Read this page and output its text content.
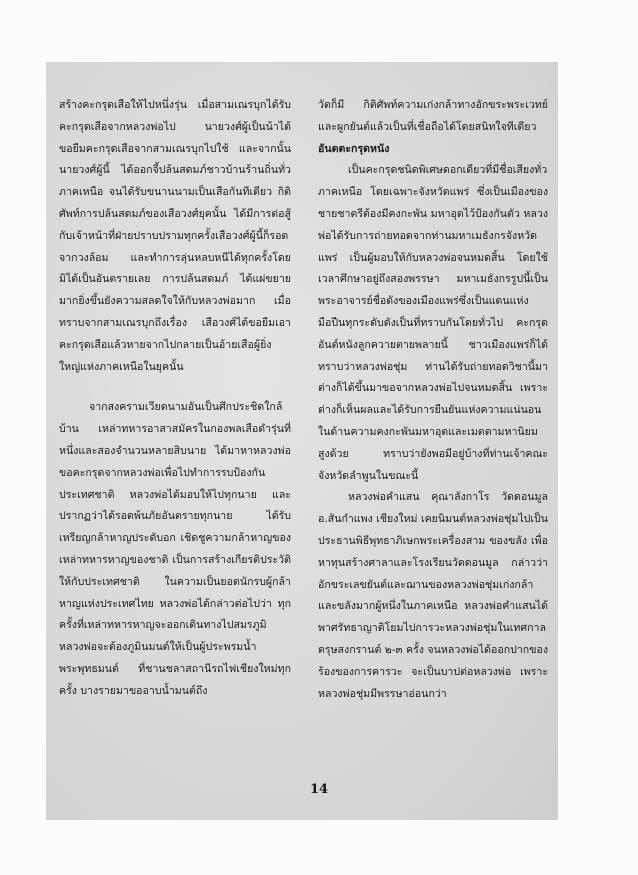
สร้างคะกรุดเสือให้ไปหนึ่งรุ่น เมื่อสามเณรบุกได้รับคะกรุดเสือจากหลวงพ่อไป นายวงศ์ผู้เป็นน้าได้ขอยืมคะกรุดเสือจากสามเณรบุกไปใช้ และจากนั้นนายวงศ์ผู้นี้ ได้ออกจี้ปล้นสดมภ์ชาวบ้านร้านถิ่นทั่วภาคเหนือ จนได้รับขนานนามเป็นเสือกันทีเดียว กิติศัพท์การปล้นสดมภ์ของเสือวงศ์ยุคนั้น ได้มีการต่อสู้กับเจ้าหน้าที่ฝ่ายปราบปรามทุกครั้งเสือวงศ์ผู้นี้ก็รอดจากวงล้อม และทำการลุ่นหลบหนีได้ทุกครั้งโดยมิได้เป็นอันตรายเลย การปล้นสดมภ์ ได้แผ่ขยายมากยิ่งขึ้นยังความสลดใจให้กับหลวงพ่อมาก เมื่อทราบจากสามเณรบุกถึงเรื่อง เสือวงศ์ได้ขอยืมเอาคะกรุดเสือแล้วหายจากไปกลายเป็นอ้ายเสือผู้ยิ่งใหญ่แห่งภาคเหนือในยุคนั้น

จากสงครามเวียดนามอันเป็นศึกประชิดใกล้บ้าน เหล่าทหารอาสาสมัครในกองพลเสือดำรุ่นที่หนึ่งและสองจำนวนหลายสิบนาย ได้มาหาหลวงพ่อ ขอคะกรุดจากหลวงพ่อเพื่อไปทำการรบป้องกันประเทศชาติ หลวงพ่อได้มอบให้ไปทุกนาย และปรากฏว่าได้รอดพ้นภัยอันตรายทุกนาย ได้รับเหรียญกล้าหาญประดับอก เชิดชูความกล้าหาญของเหล่าทหารหาญของชาติ เป็นการสร้างเกียรติประวัติ ให้กับประเทศชาติ ในความเป็นยอดนักรบผู้กล้าหาญแห่งประเทศไทย หลวงพ่อได้กล่าวต่อไปว่า ทุกครั้งที่เหล่าทหารหาญจะออกเดินทางไปสมรภูมิ หลวงพ่อจะต้องภูมินมนต์ให้เป็นผู้ประพรมน้ำพระพุทธมนต์ ที่ชานชลาสถานีรถไฟเชียงใหม่ทุกครั้ง บางรายมาขออาบน้ำมนต์ถึง

วัดก็มี กิติศัพท์ความเก่งกล้าทางอักขระพระเวทย์ และผูกยันต์แล้วเป็นที่เชื่อถือได้โดยสนิทใจทีเดียว

อันตตะกรุดหนัง

เป็นคะกรุดชนิดพิเศษดอกเดียวที่มีชื่อเสียงทั่วภาคเหนือ โดยเฉพาะจังหวัดแพร่ ซึ่งเป็นเมืองของชายชาตรีต้องมีคงกะพัน มหาอุดไว้ป้องกันตัว หลวงพ่อได้รับการถ่ายทอดจากท่านมหาเมธังกรจังหวัดแพร่ เป็นผู้มอบให้กับหลวงพ่อจนหมดสิ้น โดยใช้เวลาศึกษาอยู่ถึงสองพรรษา มหาเมธังกรรูปนี้เป็นพระอาจารย์ชื่อดังของเมืองแพร่ซึ่งเป็นแดนแห่งมือปืนทุกระดับดังเป็นที่ทราบกันโดยทั่วไป คะกรุดอันต์หนังลูกควายตายพลายนี้ ชาวเมืองแพร่ก็ได้ทราบว่าหลวงพ่อชุ่ม ท่านได้รับถ่ายทอดวิชานี้มา ต่างก็ได้ขึ้นมาขอจากหลวงพ่อไปจนหมดสิ้น เพราะต่างก็เห็นผลและได้รับการยืนยันแห่งความแน่นอนในด้านความคงกะพันมหาอุดและเมตตามหานิยมสูงด้วย ทราบว่ายังพอมีอยู่บ้างที่ท่านเจ้าคณะจังหวัดลำพูนในขณะนี้

หลวงพ่อคำแสน คุณาลังกาโร วัดดอนมูล อ.สันกำแพง เชียงใหม่ เคยนิมนต์หลวงพ่อชุ่มไปเป็นประธานพิธีพุทธาภิเษกพระเครื่องสาม ของขลัง เพื่อหาทุนสร้างศาลาและโรงเรียนวัดดอนมูล กล่าวว่า อักขระเลขยันต์และฌานของหลวงพ่อชุ่มเก่งกล้าและขลังมากผู้หนึ่งในภาคเหนือ หลวงพ่อคำแสนได้พาศรัทธาญาติโยมไปการวะหลวงพ่อชุ่มในเทศกาลตรุษสงกรานต์ ๒-๓ ครั้ง จนหลวงพ่อได้ออกปากของร้องของการคารวะ จะเป็นบาปต่อหลวงพ่อ เพราะหลวงพ่อชุ่มมีพรรษาอ่อนกว่า

14
